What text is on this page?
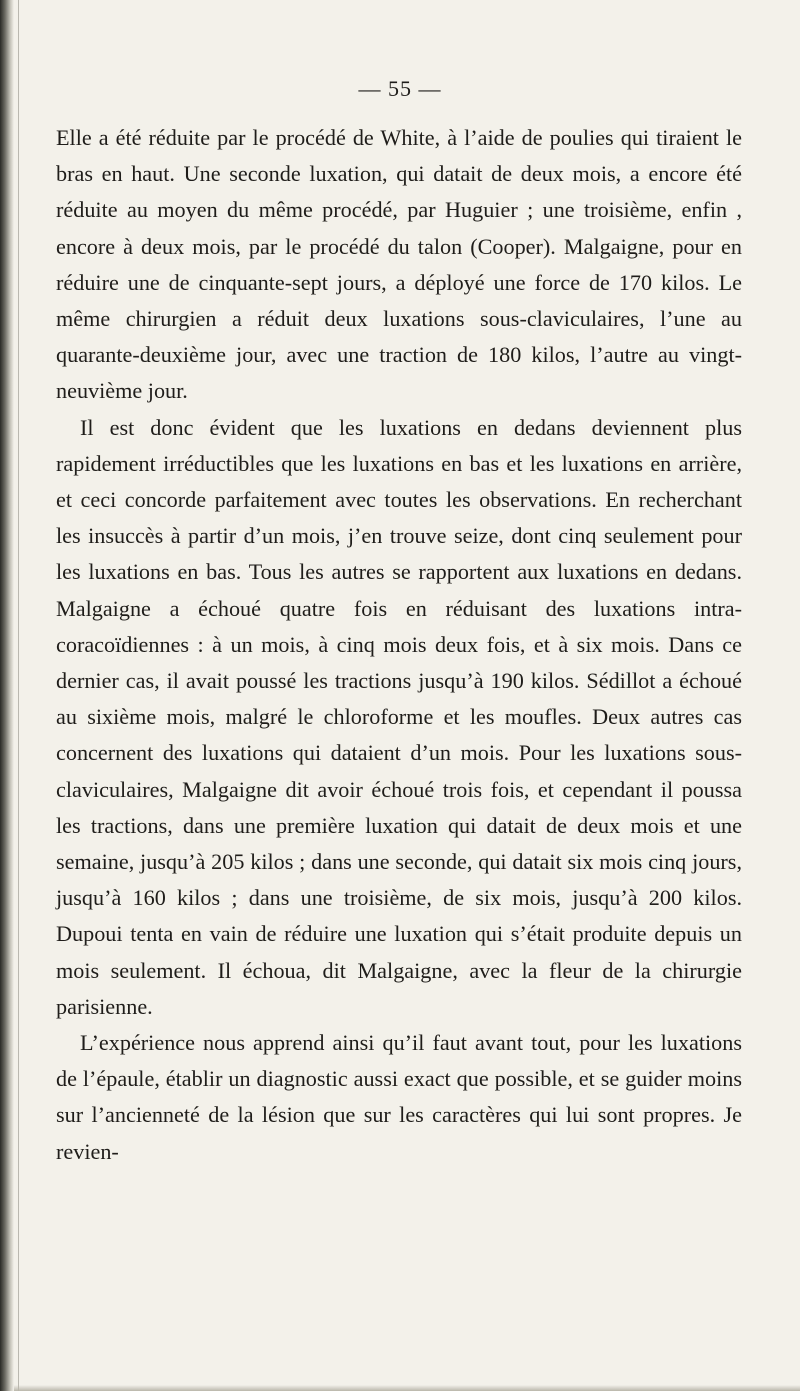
— 55 —

Elle a été réduite par le procédé de White, à l’aide de poulies qui tiraient le bras en haut. Une seconde luxation, qui datait de deux mois, a encore été réduite au moyen du même procédé, par Huguier ; une troisième, enfin , encore à deux mois, par le procédé du talon (Cooper). Malgaigne, pour en réduire une de cinquante-sept jours, a déployé une force de 170 kilos. Le même chirurgien a réduit deux luxations sous-claviculaires, l’une au quarante-deuxième jour, avec une traction de 180 kilos, l’autre au vingt-neuvième jour.

Il est donc évident que les luxations en dedans deviennent plus rapidement irréductibles que les luxations en bas et les luxations en arrière, et ceci concorde parfaitement avec toutes les observations. En recherchant les insuccès à partir d’un mois, j’en trouve seize, dont cinq seulement pour les luxations en bas. Tous les autres se rapportent aux luxations en dedans. Malgaigne a échoué quatre fois en réduisant des luxations intra-coracoïdiennes : à un mois, à cinq mois deux fois, et à six mois. Dans ce dernier cas, il avait poussé les tractions jusqu’à 190 kilos. Sédillot a échoué au sixième mois, malgré le chloroforme et les moufles. Deux autres cas concernent des luxations qui dataient d’un mois. Pour les luxations sous-claviculaires, Malgaigne dit avoir échoué trois fois, et cependant il poussa les tractions, dans une première luxation qui datait de deux mois et une semaine, jusqu’à 205 kilos ; dans une seconde, qui datait six mois cinq jours, jusqu’à 160 kilos ; dans une troisième, de six mois, jusqu’à 200 kilos. Dupoui tenta en vain de réduire une luxation qui s’était produite depuis un mois seulement. Il échoua, dit Malgaigne, avec la fleur de la chirurgie parisienne.

L’expérience nous apprend ainsi qu’il faut avant tout, pour les luxations de l’épaule, établir un diagnostic aussi exact que possible, et se guider moins sur l’ancienneté de la lésion que sur les caractères qui lui sont propres. Je revien-
